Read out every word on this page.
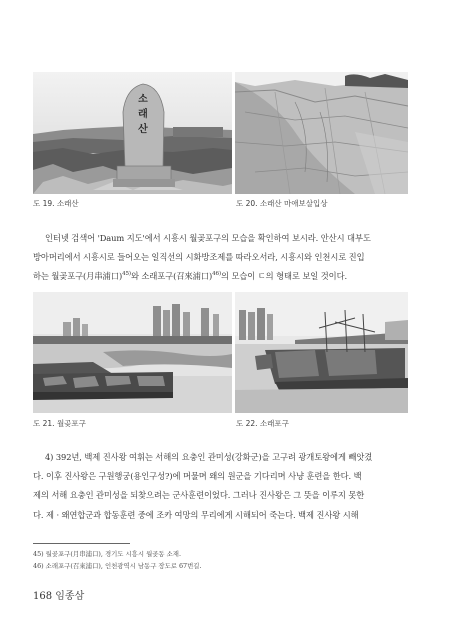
소래산
도 19. 소래산	도 20. 소래산 마애보살입상

인터넷 검색어 'Daum 지도'에서 시흥시 월곶포구의 모습을 확인하여 보시라. 안산시 대부도

방아머리에서 시흥시로 들어오는 일직선의 시화방조제를 따라오서라, 시흥시와 인천시로 진입

하는 월곶포구(月串浦口)$^{45)}$와 소래포구(召來浦口)$^{46)}$의 모습이 ㄷ의 형태로 보일 것이다.

도 21. 월곶포구	도 22. 소래포구

4) 392년, 백제 진사왕 여휘는 서해의 요충인 관미성(강화군)을 고구려 광개토왕에게 빼앗겼

다. 이후 진사왕은 구원행궁(용인구성?)에 머물며 왜의 원군을 기다리며 사냥 훈련을 한다. 백

제의 서해 요충인 관미성을 되찾으려는 군사훈련이었다. 그러나 진사왕은 그 뜻을 이루지 못한

다. 제 · 왜연합군과 합동훈련 중에 조카 여망의 무리에게 시해되어 죽는다. 백제 진사왕 시해

45) 월곶포구(月串浦口), 경기도 시흥시 월곶동 소재.
46) 소래포구(召來浦口), 인천광역시 남동구 장도로 67번길.
168 임종삼
